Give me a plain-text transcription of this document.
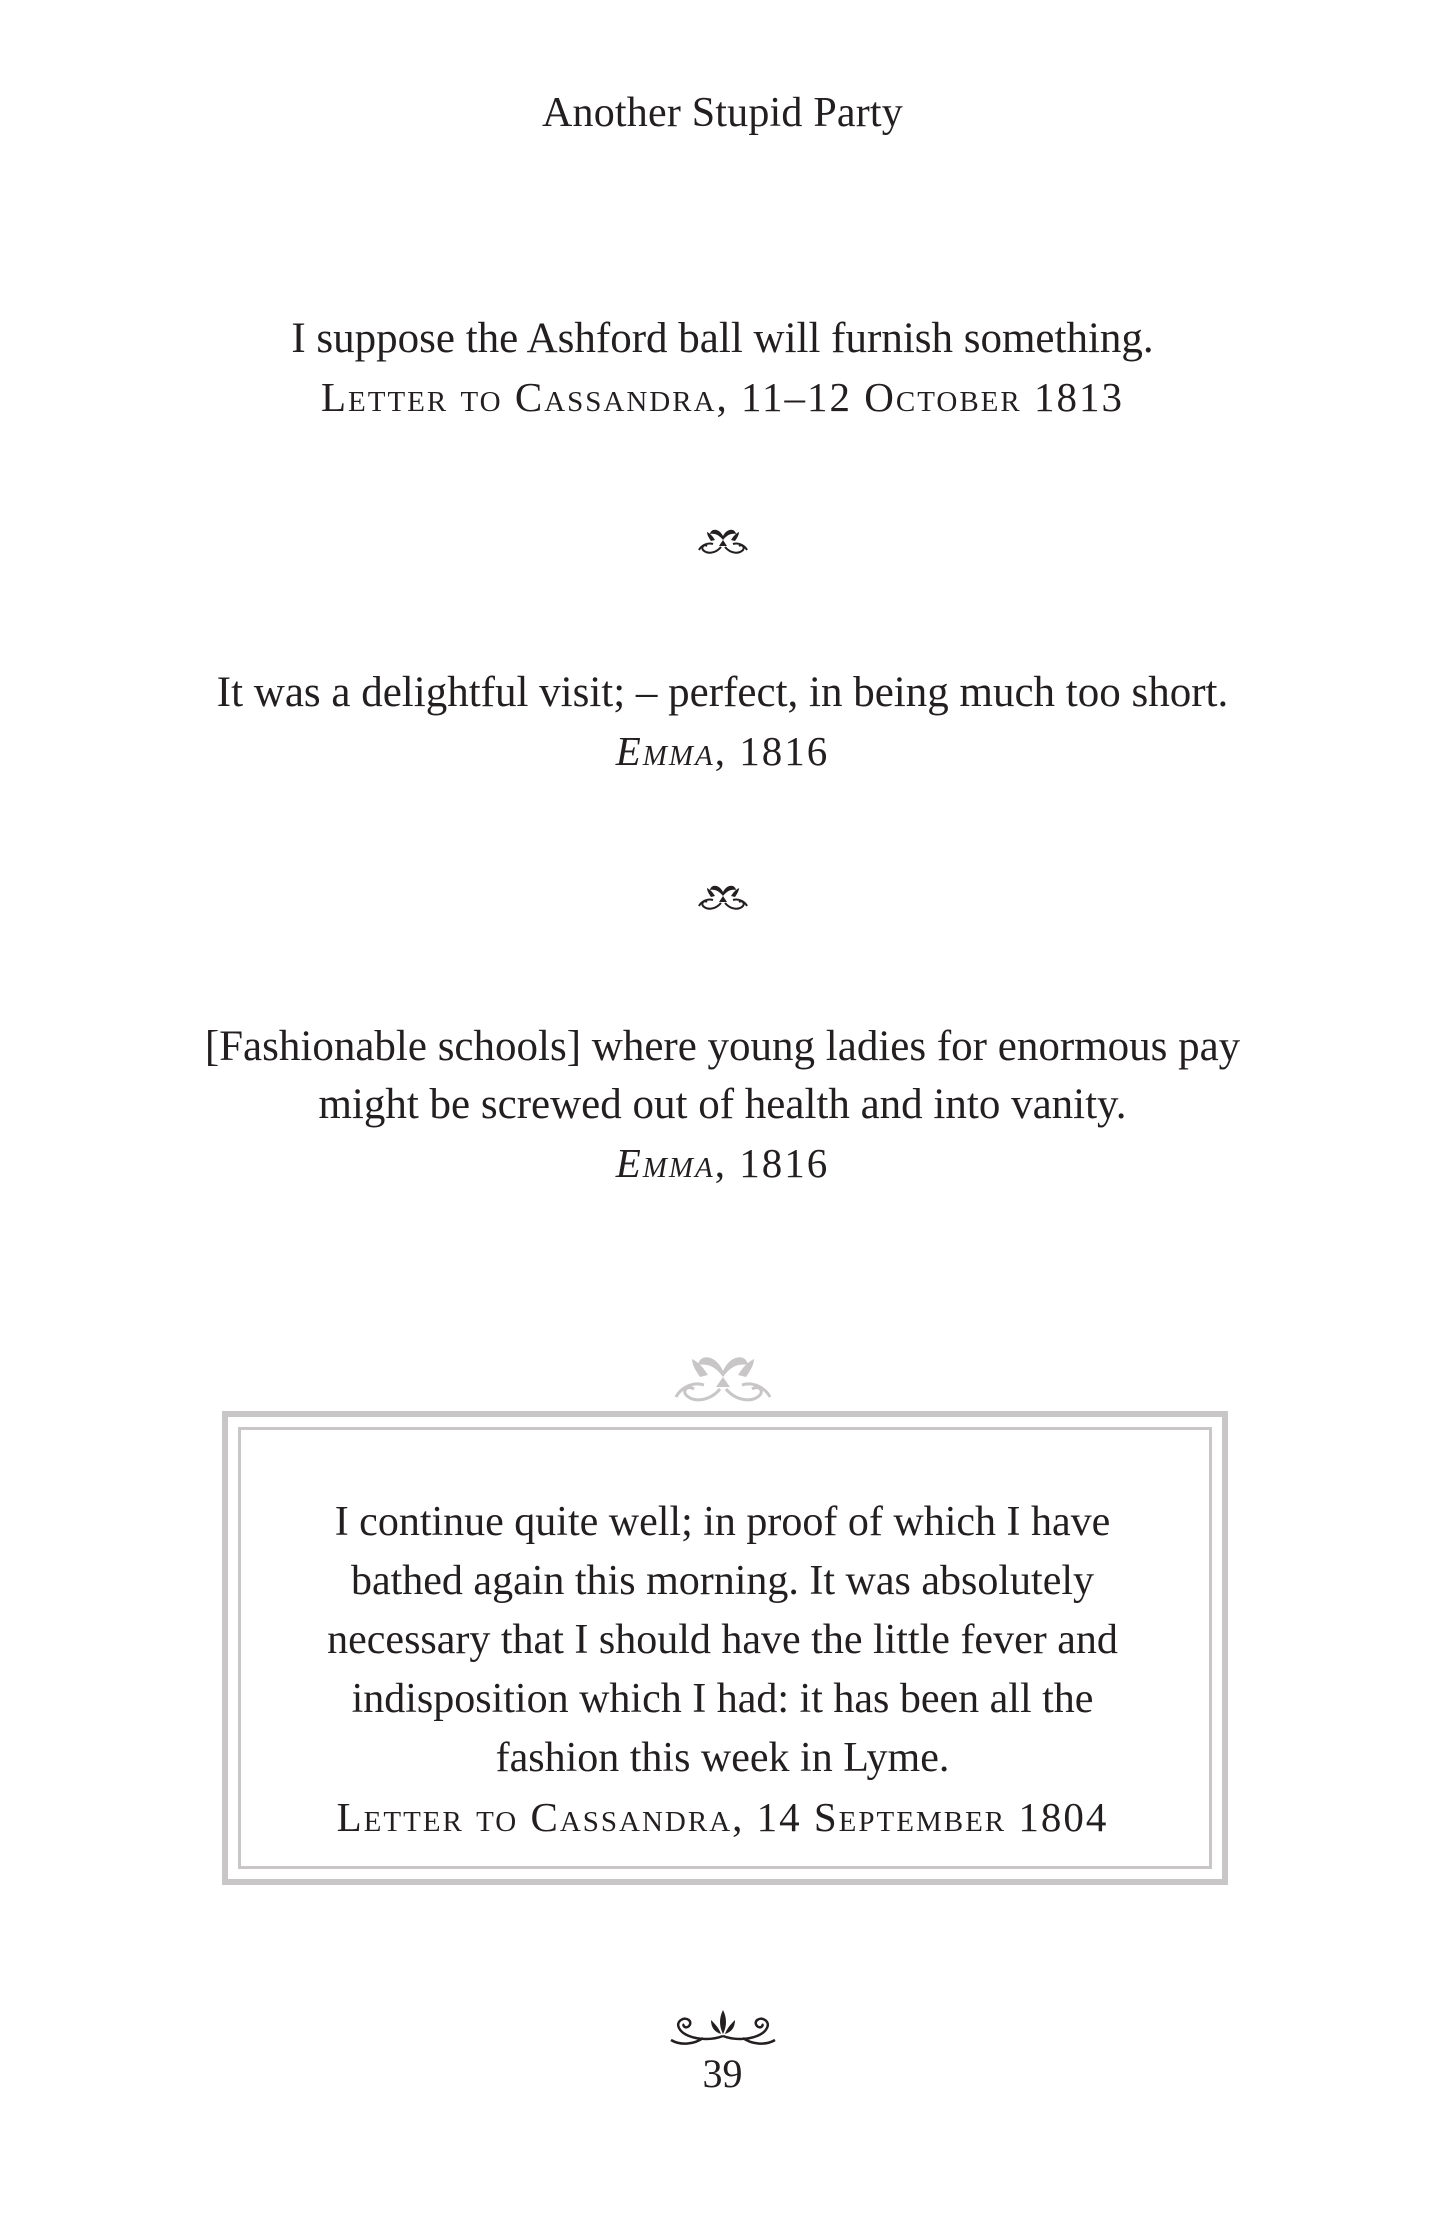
Another Stupid Party
I suppose the Ashford ball will furnish something.
Letter to Cassandra, 11–12 October 1813
It was a delightful visit; – perfect, in being much too short.
Emma, 1816
[Fashionable schools] where young ladies for enormous pay
might be screwed out of health and into vanity.
Emma, 1816
I continue quite well; in proof of which I have
bathed again this morning. It was absolutely
necessary that I should have the little fever and
indisposition which I had: it has been all the
fashion this week in Lyme.
Letter to Cassandra, 14 September 1804
39
